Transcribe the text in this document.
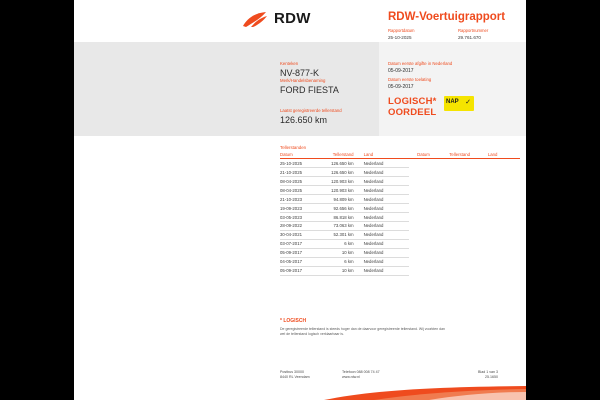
RDW	RDW-Voertuigrapport
Rapportdatum
25-10-2025
Rapportnummer
29.761.670
Kenteken
NV-877-K
Merk/Handelsbenaming
FORD FIESTA
Laatst geregistreerde tellerstand
126.650 km
Datum eerste afgifte in Nederland
05-09-2017
Datum eerste toelating
05-09-2017
LOGISCH*
OORDEEL
NAP ✓
Tellerstanden
Datum	Tellerstand	Land		Datum	Tellerstand	Land
25-10-2025	126.650 km	Nederland				
21-10-2025	126.650 km	Nederland				
08-04-2025	120.903 km	Nederland				
08-04-2025	120.903 km	Nederland				
21-10-2023	94.809 km	Nederland				
19-09-2023	92.656 km	Nederland				
03-05-2023	86.818 km	Nederland				
28-09-2022	73.063 km	Nederland				
30-04-2021	52.301 km	Nederland				
03-07-2017	6 km	Nederland				
05-09-2017	10 km	Nederland				
04-05-2017	6 km	Nederland				
05-09-2017	10 km	Nederland				
* LOGISCH
De geregistreerde tellerstand is steeds hoger dan de daarvoor geregistreerde tellerstand. Wij voorkten dan wel de tellerstand logisch verklaarbaar is.
Postbus 30000
8440 RL Veendam
Telefoon 088 008 74 47
www.rdw.nl
Blad 1 van 3
25.1650
